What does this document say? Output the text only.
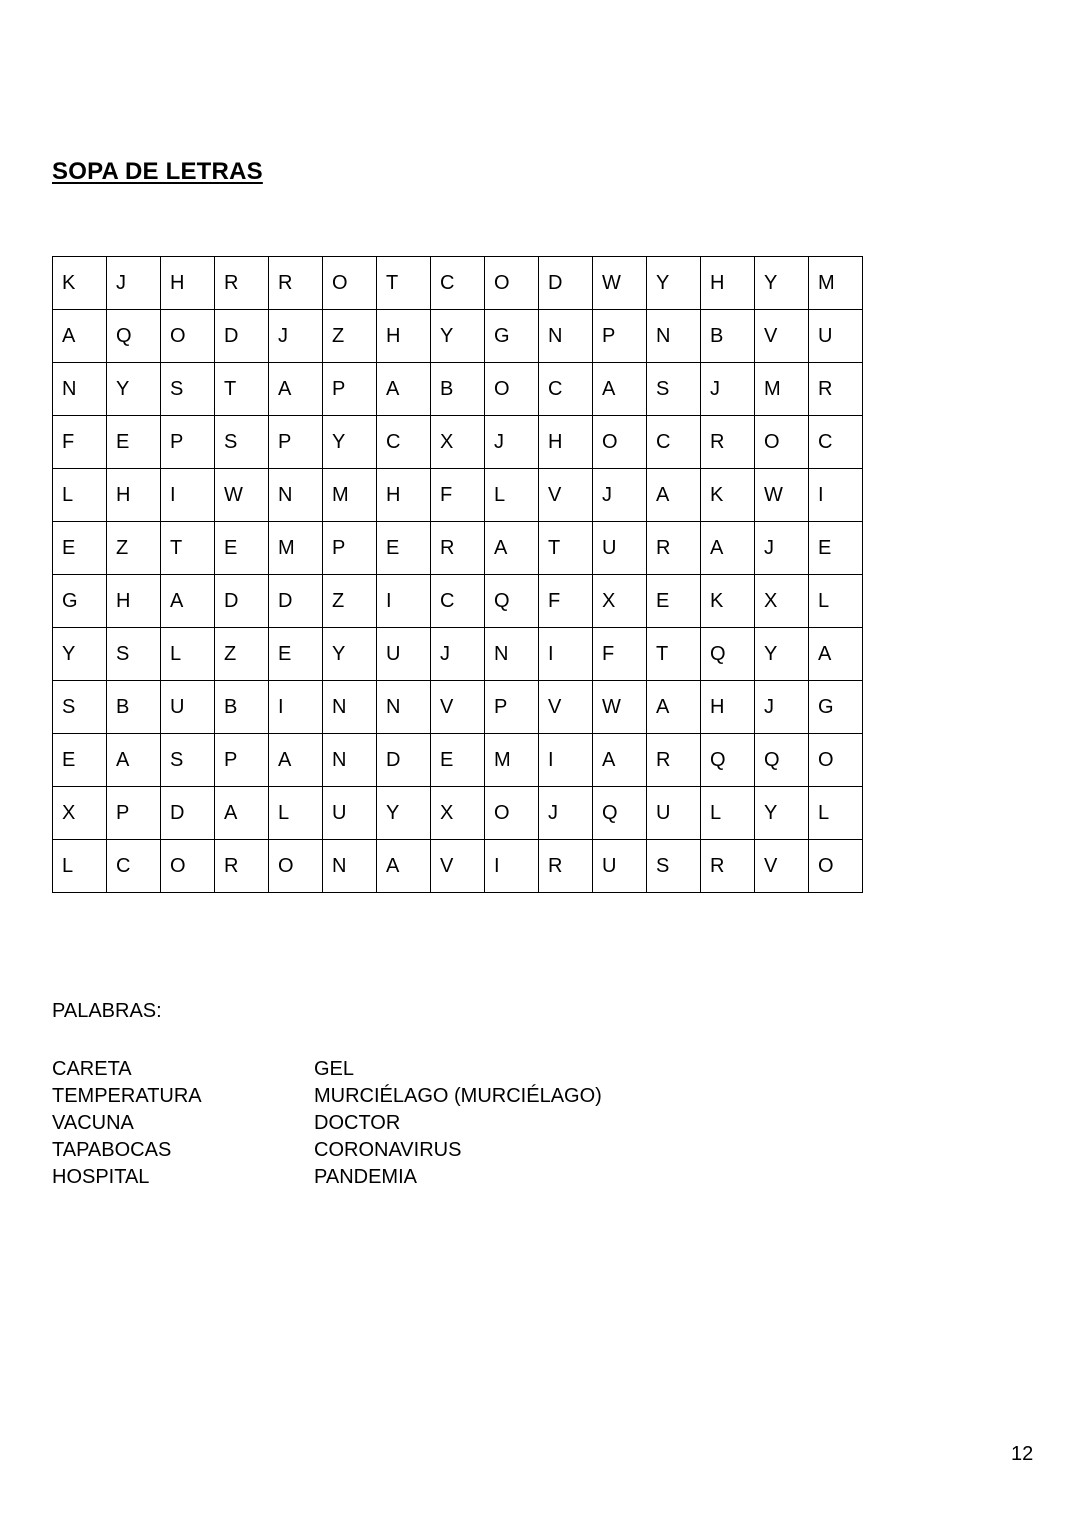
SOPA DE LETRAS
K	J	H	R	R	O	T	C	O	D	W	Y	H	Y	M
A	Q	O	D	J	Z	H	Y	G	N	P	N	B	V	U
N	Y	S	T	A	P	A	B	O	C	A	S	J	M	R
F	E	P	S	P	Y	C	X	J	H	O	C	R	O	C
L	H	I	W	N	M	H	F	L	V	J	A	K	W	I
E	Z	T	E	M	P	E	R	A	T	U	R	A	J	E
G	H	A	D	D	Z	I	C	Q	F	X	E	K	X	L
Y	S	L	Z	E	Y	U	J	N	I	F	T	Q	Y	A
S	B	U	B	I	N	N	V	P	V	W	A	H	J	G
E	A	S	P	A	N	D	E	M	I	A	R	Q	Q	O
X	P	D	A	L	U	Y	X	O	J	Q	U	L	Y	L
L	C	O	R	O	N	A	V	I	R	U	S	R	V	O

PALABRAS:

CARETA
TEMPERATURA
VACUNA
TAPABOCAS
HOSPITAL
GEL
MURCIÉLAGO (MURCIÉLAGO)
DOCTOR
CORONAVIRUS
PANDEMIA
12
